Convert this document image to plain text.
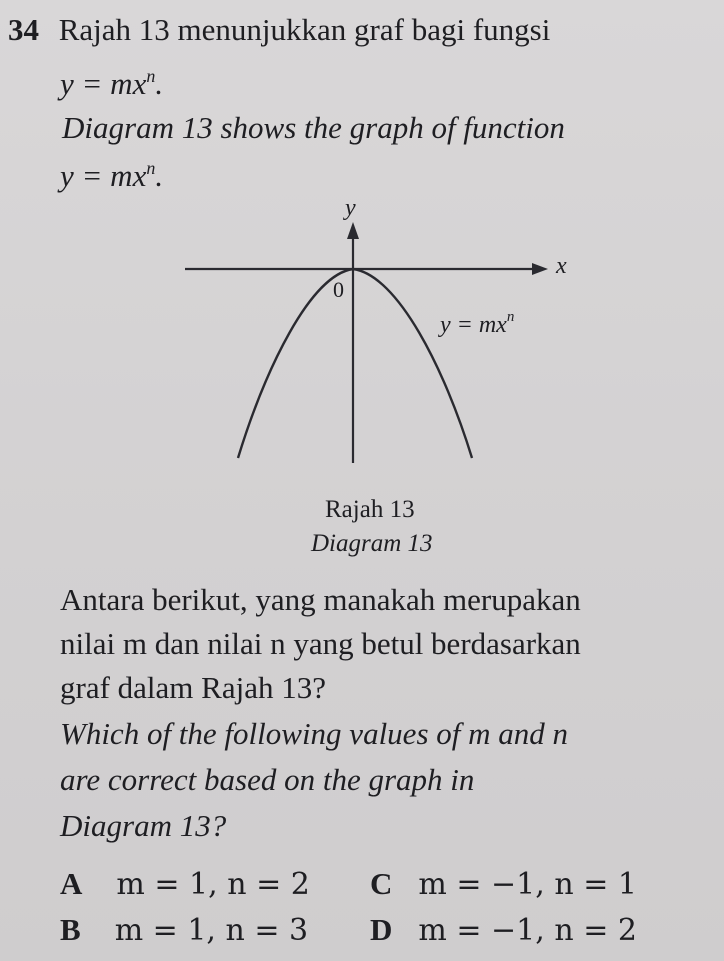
34 Rajah 13 menunjukkan graf bagi fungsi
$y = mx^n$.
Diagram 13 shows the graph of function
$y = mx^n$.
y
x
0
$y = mx^n$
Rajah 13
Diagram 13
Antara berikut, yang manakah merupakan
nilai m dan nilai n yang betul berdasarkan
graf dalam Rajah 13?
Which of the following values of m and n
are correct based on the graph in
Diagram 13?
A m = 1, n = 2 C m = −1, n = 1
B m = 1, n = 3 D m = −1, n = 2
